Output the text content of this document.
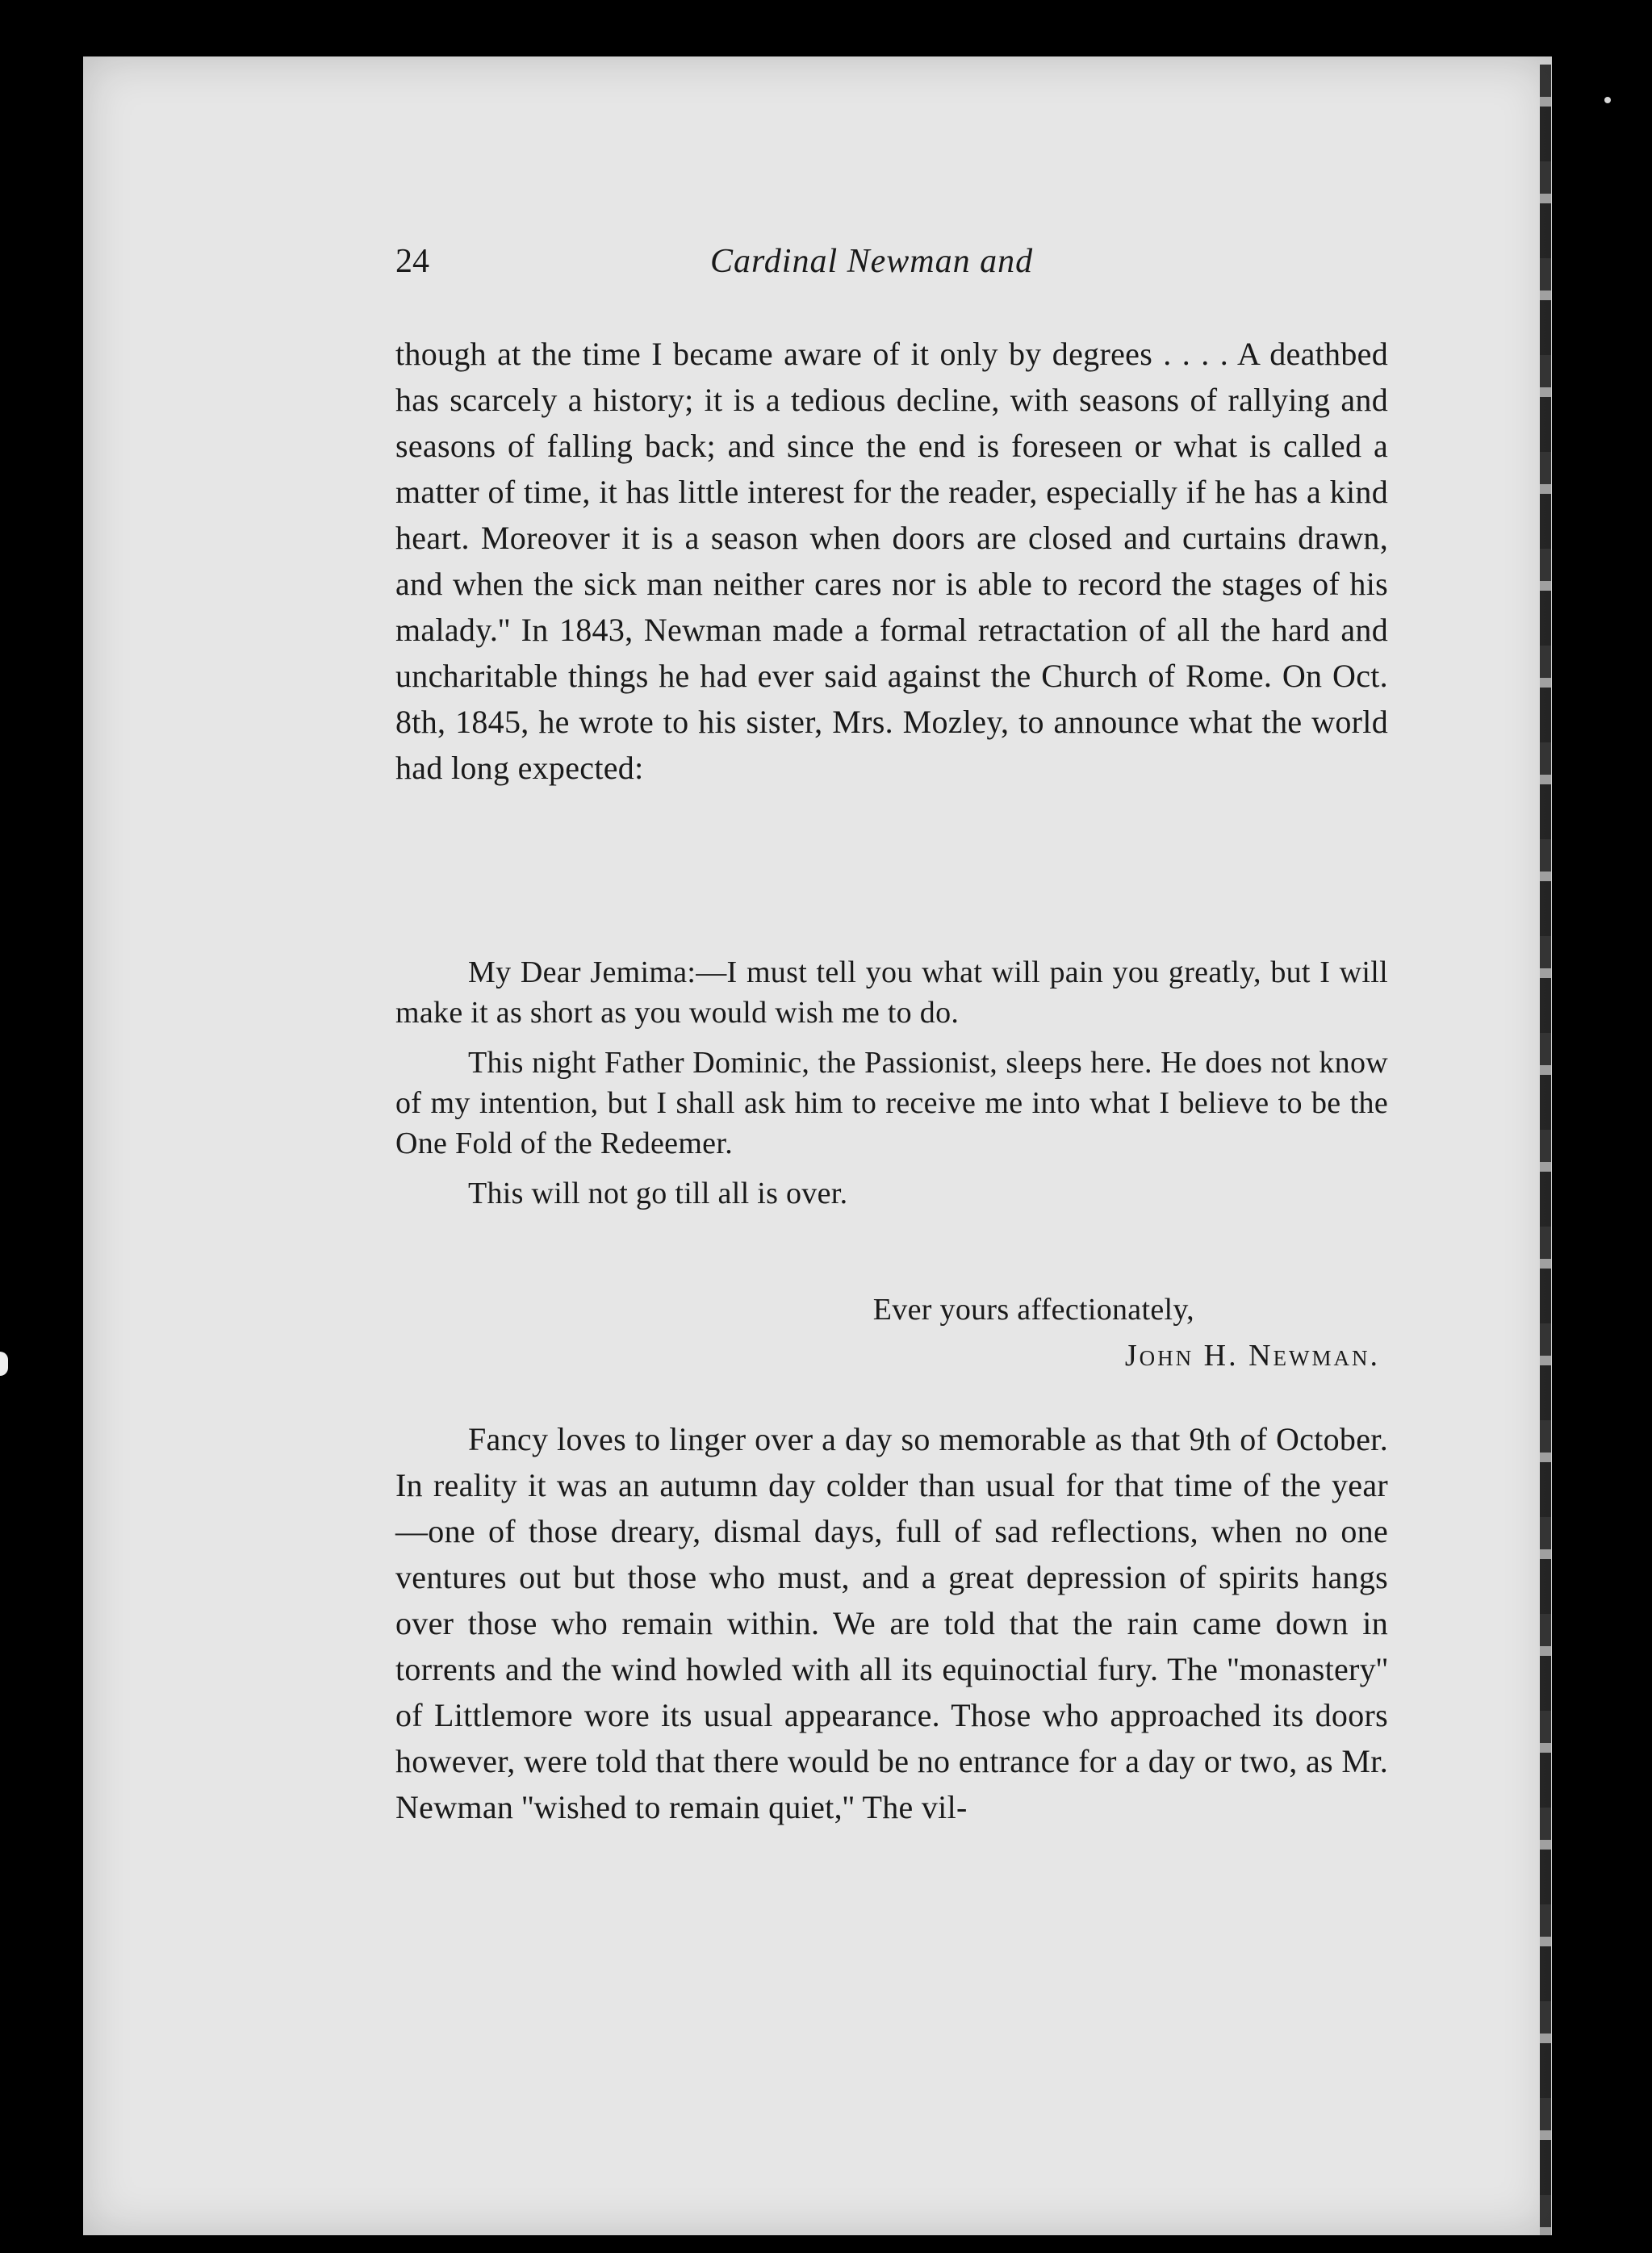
24	Cardinal Newman and

though at the time I became aware of it only by degrees . . . . A deathbed has scarcely a history; it is a tedious decline, with seasons of rallying and seasons of falling back; and since the end is foreseen or what is called a matter of time, it has little interest for the reader, especially if he has a kind heart. Moreover it is a season when doors are closed and curtains drawn, and when the sick man neither cares nor is able to record the stages of his malady.'' In 1843, Newman made a formal retractation of all the hard and uncharitable things he had ever said against the Church of Rome. On Oct. 8th, 1845, he wrote to his sister, Mrs. Mozley, to announce what the world had long expected:

My Dear Jemima:—I must tell you what will pain you greatly, but I will make it as short as you would wish me to do.

This night Father Dominic, the Passionist, sleeps here. He does not know of my intention, but I shall ask him to receive me into what I believe to be the One Fold of the Redeemer.

This will not go till all is over.

Ever yours affectionately,
John H. Newman.

Fancy loves to linger over a day so memorable as that 9th of October. In reality it was an autumn day colder than usual for that time of the year—one of those dreary, dismal days, full of sad reflections, when no one ventures out but those who must, and a great depression of spirits hangs over those who remain within. We are told that the rain came down in torrents and the wind howled with all its equinoctial fury. The ''monastery'' of Littlemore wore its usual appearance. Those who approached its doors however, were told that there would be no entrance for a day or two, as Mr. Newman ''wished to remain quiet,'' The vil-
